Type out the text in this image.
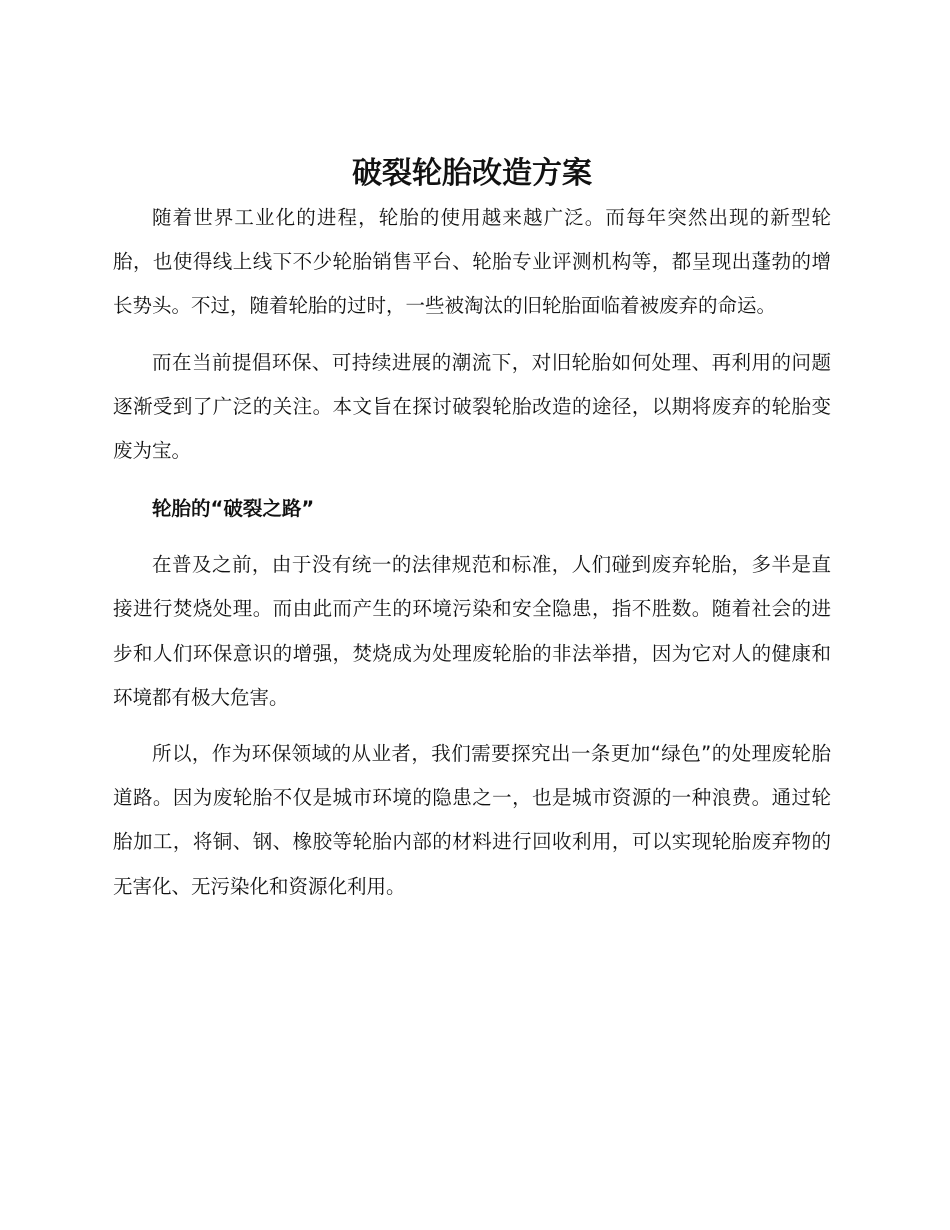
破裂轮胎改造方案

随着世界工业化的进程，轮胎的使用越来越广泛。而每年突然出现的新型轮胎，也使得线上线下不少轮胎销售平台、轮胎专业评测机构等，都呈现出蓬勃的增长势头。不过，随着轮胎的过时，一些被淘汰的旧轮胎面临着被废弃的命运。

而在当前提倡环保、可持续进展的潮流下，对旧轮胎如何处理、再利用的问题逐渐受到了广泛的关注。本文旨在探讨破裂轮胎改造的途径，以期将废弃的轮胎变废为宝。

轮胎的“破裂之路”

在普及之前，由于没有统一的法律规范和标准，人们碰到废弃轮胎，多半是直接进行焚烧处理。而由此而产生的环境污染和安全隐患，指不胜数。随着社会的进步和人们环保意识的增强，焚烧成为处理废轮胎的非法举措，因为它对人的健康和环境都有极大危害。

所以，作为环保领域的从业者，我们需要探究出一条更加“绿色”的处理废轮胎道路。因为废轮胎不仅是城市环境的隐患之一，也是城市资源的一种浪费。通过轮胎加工，将铜、钢、橡胶等轮胎内部的材料进行回收利用，可以实现轮胎废弃物的无害化、无污染化和资源化利用。
